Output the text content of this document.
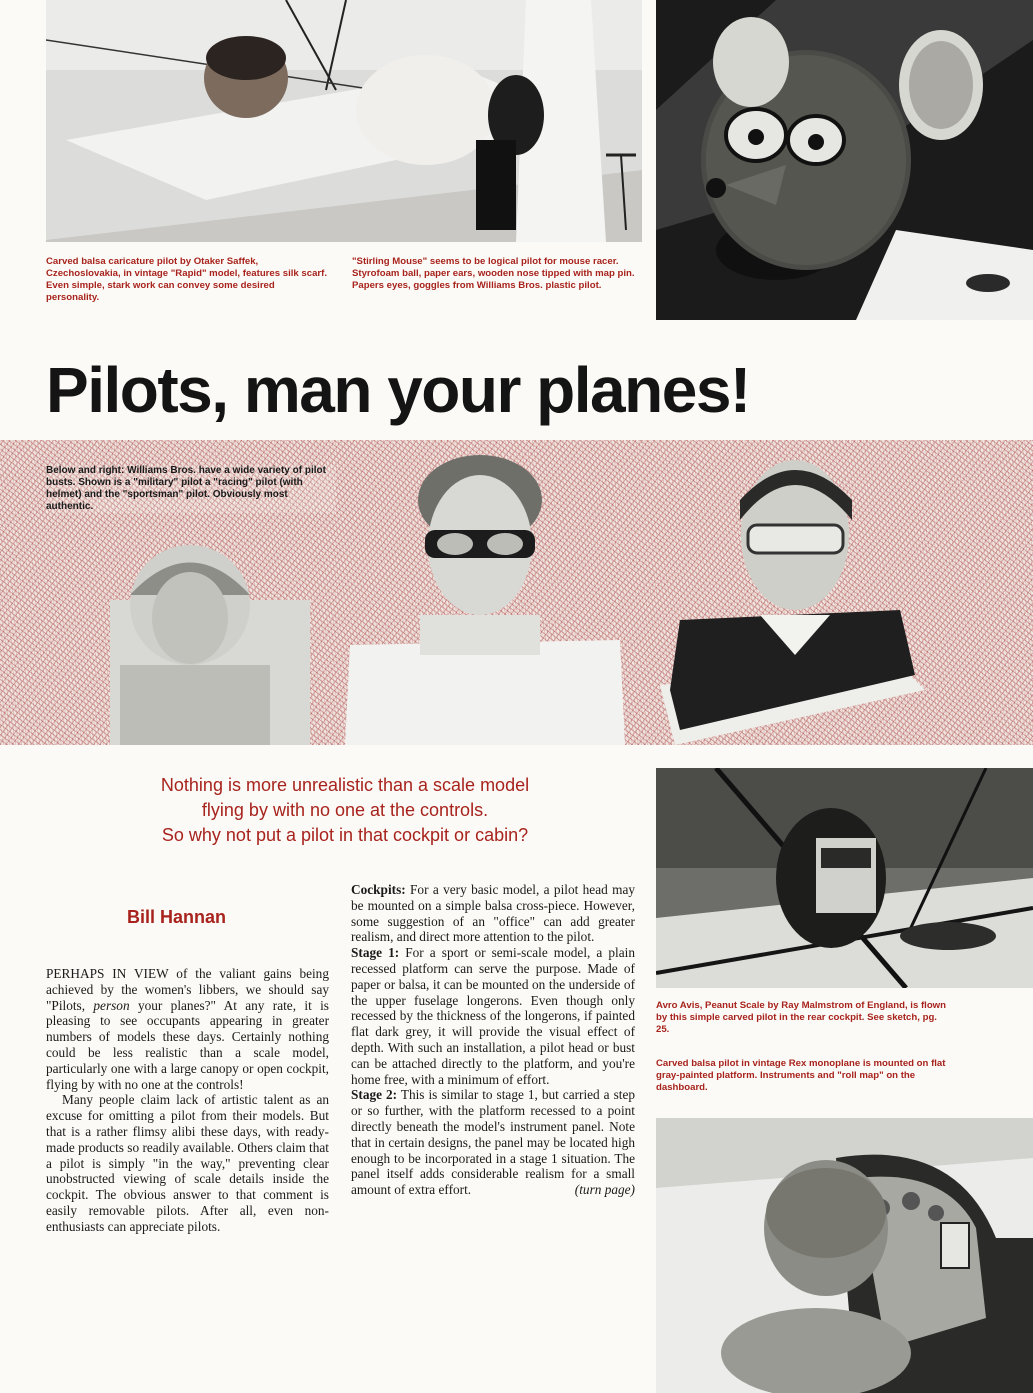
Carved balsa caricature pilot by Otaker Saffek, Czechoslovakia, in vintage "Rapid" model, features silk scarf. Even simple, stark work can convey some desired personality.
"Stirling Mouse" seems to be logical pilot for mouse racer. Styrofoam ball, paper ears, wooden nose tipped with map pin. Papers eyes, goggles from Williams Bros. plastic pilot.
Pilots, man your planes!
Below and right: Williams Bros. have a wide variety of pilot busts. Shown is a "military" pilot a "racing" pilot (with helmet) and the "sportsman" pilot. Obviously most authentic.
Nothing is more unrealistic than a scale model
flying by with no one at the controls.
So why not put a pilot in that cockpit or cabin?
Bill Hannan

PERHAPS IN VIEW of the valiant gains being achieved by the women's libbers, we should say "Pilots, person your planes?" At any rate, it is pleasing to see occupants appearing in greater numbers of models these days. Certainly nothing could be less realistic than a scale model, particularly one with a large canopy or open cockpit, flying by with no one at the controls!

Many people claim lack of artistic talent as an excuse for omitting a pilot from their models. But that is a rather flimsy alibi these days, with ready-made products so readily available. Others claim that a pilot is simply "in the way," preventing clear unobstructed viewing of scale details inside the cockpit. The obvious answer to that comment is easily removable pilots. After all, even non-enthusiasts can appreciate pilots.

Cockpits: For a very basic model, a pilot head may be mounted on a simple balsa cross-piece. However, some suggestion of an "office" can add greater realism, and direct more attention to the pilot.

Stage 1: For a sport or semi-scale model, a plain recessed platform can serve the purpose. Made of paper or balsa, it can be mounted on the underside of the upper fuselage longerons. Even though only recessed by the thickness of the longerons, if painted flat dark grey, it will provide the visual effect of depth. With such an installation, a pilot head or bust can be attached directly to the platform, and you're home free, with a minimum of effort.

Stage 2: This is similar to stage 1, but carried a step or so further, with the platform recessed to a point directly beneath the model's instrument panel. Note that in certain designs, the panel may be located high enough to be incorporated in a stage 1 situation. The panel itself adds considerable realism for a small amount of extra effort.	(turn page)

Avro Avis, Peanut Scale by Ray Malmstrom of England, is flown by this simple carved pilot in the rear cockpit. See sketch, pg. 25.
Carved balsa pilot in vintage Rex monoplane is mounted on flat gray-painted platform. Instruments and "roll map" on the dashboard.
